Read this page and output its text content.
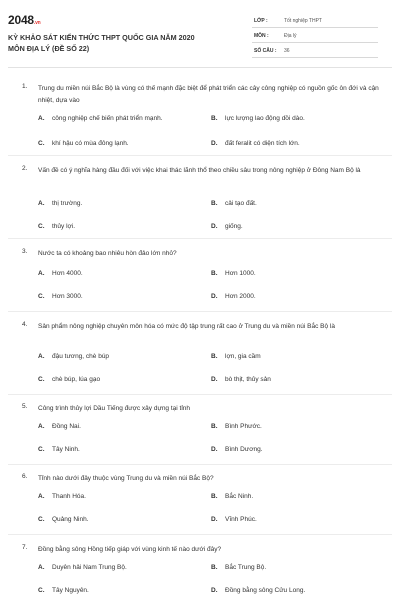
2048.vn
KỲ KHẢO SÁT KIẾN THỨC THPT QUỐC GIA NĂM 2020
MÔN ĐỊA LÝ (ĐỀ SỐ 22)
LỚP :	Tốt nghiệp THPT
MÔN :	Địa lý
SỐ CÂU : 36
1. Trung du miền núi Bắc Bộ là vùng có thế mạnh đặc biệt để phát triển các cây công nghiệp có nguồn gốc ôn đới và cận nhiệt, dựa vào
A. công nghiệp chế biến phát triển mạnh.	B. lực lượng lao động dồi dào.
C. khí hậu có mùa đông lạnh.	D. đất feralit có diện tích lớn.
2. Vấn đề có ý nghĩa hàng đầu đối với việc khai thác lãnh thổ theo chiều sâu trong nông nghiệp ở Đông Nam Bộ là
A. thị trường.	B. cải tạo đất.
C. thủy lợi.	D. giống.
3. Nước ta có khoảng bao nhiêu hòn đảo lớn nhỏ?
A. Hơn 4000.	B. Hơn 1000.
C. Hơn 3000.	D. Hơn 2000.
4. Sản phẩm nông nghiệp chuyên môn hóa có mức độ tập trung rất cao ở Trung du và miền núi Bắc Bộ là
A. đậu tương, chè búp	B. lợn, gia cầm
C. chè búp, lúa gạo	D. bò thịt, thủy sản
5. Công trình thủy lợi Dầu Tiếng được xây dựng tại tỉnh
A. Đồng Nai.	B. Bình Phước.
C. Tây Ninh.	D. Bình Dương.
6. Tỉnh nào dưới đây thuộc vùng Trung du và miền núi Bắc Bộ?
A. Thanh Hóa.	B. Bắc Ninh.
C. Quảng Ninh.	D. Vĩnh Phúc.
7. Đồng bằng sông Hồng tiếp giáp với vùng kinh tế nào dưới đây?
A. Duyên hải Nam Trung Bộ.	B. Bắc Trung Bộ.
C. Tây Nguyên.	D. Đồng bằng sông Cửu Long.
